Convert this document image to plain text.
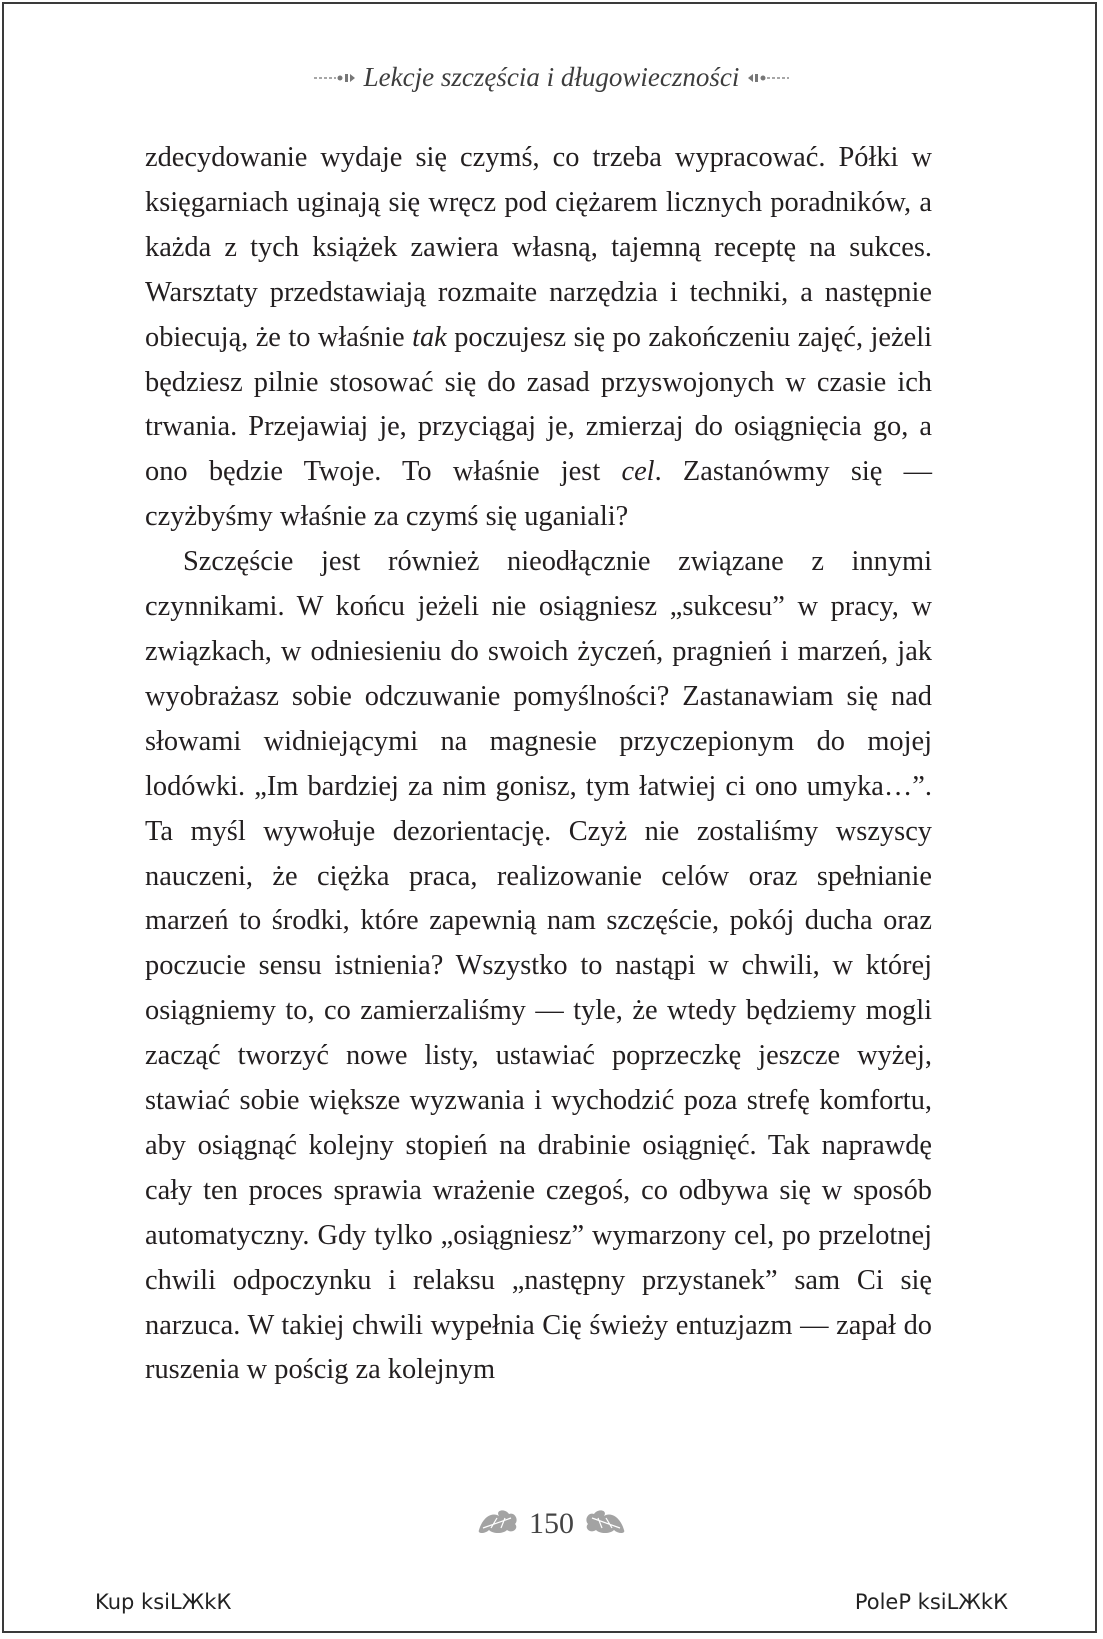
Lekcje szczęścia i długowieczności

zdecydowanie wydaje się czymś, co trzeba wypracować. Półki w księgarniach uginają się wręcz pod ciężarem licznych poradników, a każda z tych książek zawiera własną, tajemną receptę na sukces. Warsztaty przedstawiają rozmaite narzędzia i techniki, a następnie obiecują, że to właśnie tak poczujesz się po zakończeniu zajęć, jeżeli będziesz pilnie stosować się do zasad przyswojonych w czasie ich trwania. Przejawiaj je, przyciągaj je, zmierzaj do osiągnięcia go, a ono będzie Twoje. To właśnie jest cel. Zastanówmy się — czyżbyśmy właśnie za czymś się uganiali?

Szczęście jest również nieodłącznie związane z innymi czynnikami. W końcu jeżeli nie osiągniesz „sukcesu” w pracy, w związkach, w odniesieniu do swoich życzeń, pragnień i marzeń, jak wyobrażasz sobie odczuwanie pomyślności? Zastanawiam się nad słowami widniejącymi na magnesie przyczepionym do mojej lodówki. „Im bardziej za nim gonisz, tym łatwiej ci ono umyka…”. Ta myśl wywołuje dezorientację. Czyż nie zostaliśmy wszyscy nauczeni, że ciężka praca, realizowanie celów oraz spełnianie marzeń to środki, które zapewnią nam szczęście, pokój ducha oraz poczucie sensu istnienia? Wszystko to nastąpi w chwili, w której osiągniemy to, co zamierzaliśmy — tyle, że wtedy będziemy mogli zacząć tworzyć nowe listy, ustawiać poprzeczkę jeszcze wyżej, stawiać sobie większe wyzwania i wychodzić poza strefę komfortu, aby osiągnąć kolejny stopień na drabinie osiągnięć. Tak naprawdę cały ten proces sprawia wrażenie czegoś, co odbywa się w sposób automatyczny. Gdy tylko „osiągniesz” wymarzony cel, po przelotnej chwili odpoczynku i relaksu „następny przystanek” sam Ci się narzuca. W takiej chwili wypełnia Cię świeży entuzjazm — zapał do ruszenia w pościg za kolejnym

150
Kup ksiLЖkК	PoleР ksiLЖkК
